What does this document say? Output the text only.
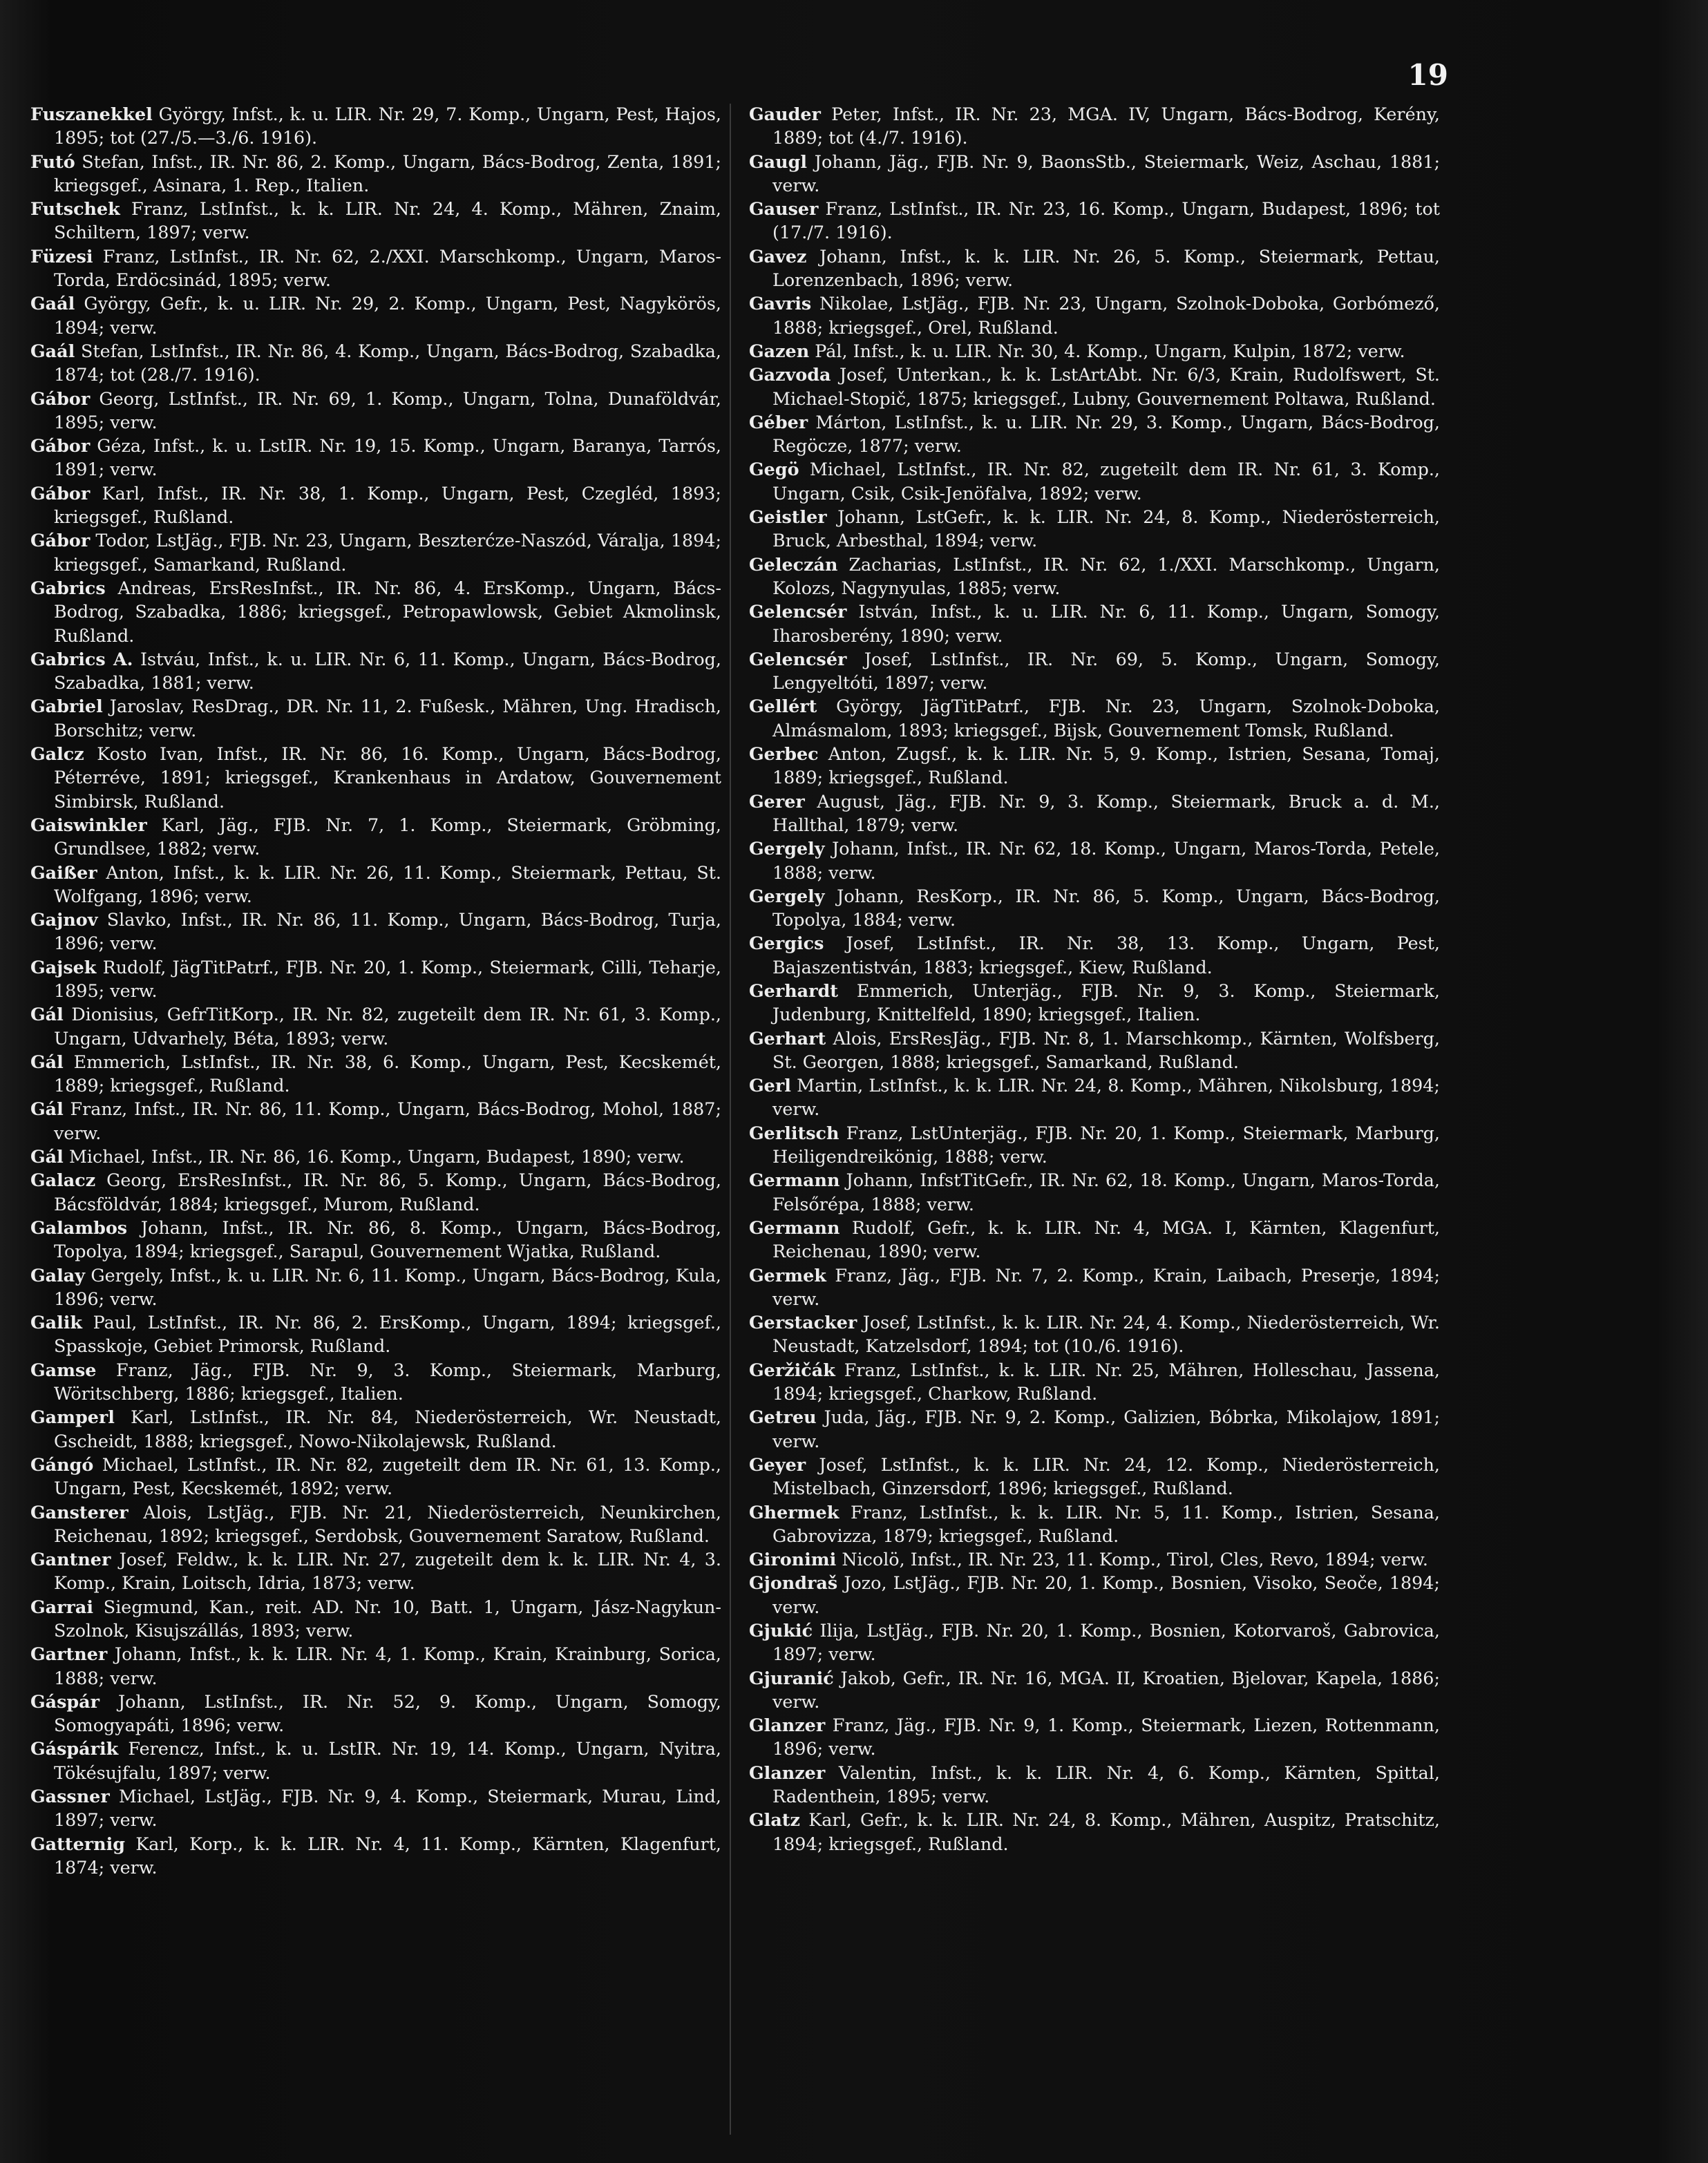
19

Fuszanekkel György, Infst., k. u. LIR. Nr. 29, 7. Komp., Ungarn, Pest, Hajos, 1895; tot (27./5.—3./6. 1916).

Futó Stefan, Infst., IR. Nr. 86, 2. Komp., Ungarn, Bács-Bodrog, Zenta, 1891; kriegsgef., Asinara, 1. Rep., Italien.

Futschek Franz, LstInfst., k. k. LIR. Nr. 24, 4. Komp., Mähren, Znaim, Schiltern, 1897; verw.

Füzesi Franz, LstInfst., IR. Nr. 62, 2./XXI. Marschkomp., Ungarn, Maros-Torda, Erdöcsinád, 1895; verw.

Gaál György, Gefr., k. u. LIR. Nr. 29, 2. Komp., Ungarn, Pest, Nagykörös, 1894; verw.

Gaál Stefan, LstInfst., IR. Nr. 86, 4. Komp., Ungarn, Bács-Bodrog, Szabadka, 1874; tot (28./7. 1916).

Gábor Georg, LstInfst., IR. Nr. 69, 1. Komp., Ungarn, Tolna, Dunaföldvár, 1895; verw.

Gábor Géza, Infst., k. u. LstIR. Nr. 19, 15. Komp., Ungarn, Baranya, Tarrós, 1891; verw.

Gábor Karl, Infst., IR. Nr. 38, 1. Komp., Ungarn, Pest, Czegléd, 1893; kriegsgef., Rußland.

Gábor Todor, LstJäg., FJB. Nr. 23, Ungarn, Beszterćze-Naszód, Váralja, 1894; kriegsgef., Samarkand, Rußland.

Gabrics Andreas, ErsResInfst., IR. Nr. 86, 4. ErsKomp., Ungarn, Bács-Bodrog, Szabadka, 1886; kriegsgef., Petropawlowsk, Gebiet Akmolinsk, Rußland.

Gabrics A. Istváu, Infst., k. u. LIR. Nr. 6, 11. Komp., Ungarn, Bács-Bodrog, Szabadka, 1881; verw.

Gabriel Jaroslav, ResDrag., DR. Nr. 11, 2. Fußesk., Mähren, Ung. Hradisch, Borschitz; verw.

Galcz Kosto Ivan, Infst., IR. Nr. 86, 16. Komp., Ungarn, Bács-Bodrog, Péterréve, 1891; kriegsgef., Krankenhaus in Ardatow, Gouvernement Simbirsk, Rußland.

Gaiswinkler Karl, Jäg., FJB. Nr. 7, 1. Komp., Steiermark, Gröbming, Grundlsee, 1882; verw.

Gaißer Anton, Infst., k. k. LIR. Nr. 26, 11. Komp., Steiermark, Pettau, St. Wolfgang, 1896; verw.

Gajnov Slavko, Infst., IR. Nr. 86, 11. Komp., Ungarn, Bács-Bodrog, Turja, 1896; verw.

Gajsek Rudolf, JägTitPatrf., FJB. Nr. 20, 1. Komp., Steiermark, Cilli, Teharje, 1895; verw.

Gál Dionisius, GefrTitKorp., IR. Nr. 82, zugeteilt dem IR. Nr. 61, 3. Komp., Ungarn, Udvarhely, Béta, 1893; verw.

Gál Emmerich, LstInfst., IR. Nr. 38, 6. Komp., Ungarn, Pest, Kecskemét, 1889; kriegsgef., Rußland.

Gál Franz, Infst., IR. Nr. 86, 11. Komp., Ungarn, Bács-Bodrog, Mohol, 1887; verw.

Gál Michael, Infst., IR. Nr. 86, 16. Komp., Ungarn, Budapest, 1890; verw.

Galacz Georg, ErsResInfst., IR. Nr. 86, 5. Komp., Ungarn, Bács-Bodrog, Bácsföldvár, 1884; kriegsgef., Murom, Rußland.

Galambos Johann, Infst., IR. Nr. 86, 8. Komp., Ungarn, Bács-Bodrog, Topolya, 1894; kriegsgef., Sarapul, Gouvernement Wjatka, Rußland.

Galay Gergely, Infst., k. u. LIR. Nr. 6, 11. Komp., Ungarn, Bács-Bodrog, Kula, 1896; verw.

Galik Paul, LstInfst., IR. Nr. 86, 2. ErsKomp., Ungarn, 1894; kriegsgef., Spasskoje, Gebiet Primorsk, Rußland.

Gamse Franz, Jäg., FJB. Nr. 9, 3. Komp., Steiermark, Marburg, Wöritschberg, 1886; kriegsgef., Italien.

Gamperl Karl, LstInfst., IR. Nr. 84, Niederösterreich, Wr. Neustadt, Gscheidt, 1888; kriegsgef., Nowo-Nikolajewsk, Rußland.

Gángó Michael, LstInfst., IR. Nr. 82, zugeteilt dem IR. Nr. 61, 13. Komp., Ungarn, Pest, Kecskemét, 1892; verw.

Gansterer Alois, LstJäg., FJB. Nr. 21, Niederösterreich, Neunkirchen, Reichenau, 1892; kriegsgef., Serdobsk, Gouvernement Saratow, Rußland.

Gantner Josef, Feldw., k. k. LIR. Nr. 27, zugeteilt dem k. k. LIR. Nr. 4, 3. Komp., Krain, Loitsch, Idria, 1873; verw.

Garrai Siegmund, Kan., reit. AD. Nr. 10, Batt. 1, Ungarn, Jász-Nagykun-Szolnok, Kisujszállás, 1893; verw.

Gartner Johann, Infst., k. k. LIR. Nr. 4, 1. Komp., Krain, Krainburg, Sorica, 1888; verw.

Gáspár Johann, LstInfst., IR. Nr. 52, 9. Komp., Ungarn, Somogy, Somogyapáti, 1896; verw.

Gáspárik Ferencz, Infst., k. u. LstIR. Nr. 19, 14. Komp., Ungarn, Nyitra, Tökésujfalu, 1897; verw.

Gassner Michael, LstJäg., FJB. Nr. 9, 4. Komp., Steiermark, Murau, Lind, 1897; verw.

Gatternig Karl, Korp., k. k. LIR. Nr. 4, 11. Komp., Kärnten, Klagenfurt, 1874; verw.

Gauder Peter, Infst., IR. Nr. 23, MGA. IV, Ungarn, Bács-Bodrog, Kerény, 1889; tot (4./7. 1916).

Gaugl Johann, Jäg., FJB. Nr. 9, BaonsStb., Steiermark, Weiz, Aschau, 1881; verw.

Gauser Franz, LstInfst., IR. Nr. 23, 16. Komp., Ungarn, Budapest, 1896; tot (17./7. 1916).

Gavez Johann, Infst., k. k. LIR. Nr. 26, 5. Komp., Steiermark, Pettau, Lorenzenbach, 1896; verw.

Gavris Nikolae, LstJäg., FJB. Nr. 23, Ungarn, Szolnok-Doboka, Gorbómező, 1888; kriegsgef., Orel, Rußland.

Gazen Pál, Infst., k. u. LIR. Nr. 30, 4. Komp., Ungarn, Kulpin, 1872; verw.

Gazvoda Josef, Unterkan., k. k. LstArtAbt. Nr. 6/3, Krain, Rudolfswert, St. Michael-Stopič, 1875; kriegsgef., Lubny, Gouvernement Poltawa, Rußland.

Géber Márton, LstInfst., k. u. LIR. Nr. 29, 3. Komp., Ungarn, Bács-Bodrog, Regöcze, 1877; verw.

Gegö Michael, LstInfst., IR. Nr. 82, zugeteilt dem IR. Nr. 61, 3. Komp., Ungarn, Csik, Csik-Jenöfalva, 1892; verw.

Geistler Johann, LstGefr., k. k. LIR. Nr. 24, 8. Komp., Niederösterreich, Bruck, Arbesthal, 1894; verw.

Geleczán Zacharias, LstInfst., IR. Nr. 62, 1./XXI. Marschkomp., Ungarn, Kolozs, Nagynyulas, 1885; verw.

Gelencsér István, Infst., k. u. LIR. Nr. 6, 11. Komp., Ungarn, Somogy, Iharosberény, 1890; verw.

Gelencsér Josef, LstInfst., IR. Nr. 69, 5. Komp., Ungarn, Somogy, Lengyeltóti, 1897; verw.

Gellért György, JägTitPatrf., FJB. Nr. 23, Ungarn, Szolnok-Doboka, Almásmalom, 1893; kriegsgef., Bijsk, Gouvernement Tomsk, Rußland.

Gerbec Anton, Zugsf., k. k. LIR. Nr. 5, 9. Komp., Istrien, Sesana, Tomaj, 1889; kriegsgef., Rußland.

Gerer August, Jäg., FJB. Nr. 9, 3. Komp., Steiermark, Bruck a. d. M., Hallthal, 1879; verw.

Gergely Johann, Infst., IR. Nr. 62, 18. Komp., Ungarn, Maros-Torda, Petele, 1888; verw.

Gergely Johann, ResKorp., IR. Nr. 86, 5. Komp., Ungarn, Bács-Bodrog, Topolya, 1884; verw.

Gergics Josef, LstInfst., IR. Nr. 38, 13. Komp., Ungarn, Pest, Bajaszentistván, 1883; kriegsgef., Kiew, Rußland.

Gerhardt Emmerich, Unterjäg., FJB. Nr. 9, 3. Komp., Steiermark, Judenburg, Knittelfeld, 1890; kriegsgef., Italien.

Gerhart Alois, ErsResJäg., FJB. Nr. 8, 1. Marschkomp., Kärnten, Wolfsberg, St. Georgen, 1888; kriegsgef., Samarkand, Rußland.

Gerl Martin, LstInfst., k. k. LIR. Nr. 24, 8. Komp., Mähren, Nikolsburg, 1894; verw.

Gerlitsch Franz, LstUnterjäg., FJB. Nr. 20, 1. Komp., Steiermark, Marburg, Heiligendreikönig, 1888; verw.

Germann Johann, InfstTitGefr., IR. Nr. 62, 18. Komp., Ungarn, Maros-Torda, Felsőrépa, 1888; verw.

Germann Rudolf, Gefr., k. k. LIR. Nr. 4, MGA. I, Kärnten, Klagenfurt, Reichenau, 1890; verw.

Germek Franz, Jäg., FJB. Nr. 7, 2. Komp., Krain, Laibach, Preserje, 1894; verw.

Gerstacker Josef, LstInfst., k. k. LIR. Nr. 24, 4. Komp., Niederösterreich, Wr. Neustadt, Katzelsdorf, 1894; tot (10./6. 1916).

Geržičák Franz, LstInfst., k. k. LIR. Nr. 25, Mähren, Holleschau, Jassena, 1894; kriegsgef., Charkow, Rußland.

Getreu Juda, Jäg., FJB. Nr. 9, 2. Komp., Galizien, Bóbrka, Mikolajow, 1891; verw.

Geyer Josef, LstInfst., k. k. LIR. Nr. 24, 12. Komp., Niederösterreich, Mistelbach, Ginzersdorf, 1896; kriegsgef., Rußland.

Ghermek Franz, LstInfst., k. k. LIR. Nr. 5, 11. Komp., Istrien, Sesana, Gabrovizza, 1879; kriegsgef., Rußland.

Gironimi Nicolö, Infst., IR. Nr. 23, 11. Komp., Tirol, Cles, Revo, 1894; verw.

Gjondraš Jozo, LstJäg., FJB. Nr. 20, 1. Komp., Bosnien, Visoko, Seoče, 1894; verw.

Gjukić Ilija, LstJäg., FJB. Nr. 20, 1. Komp., Bosnien, Kotorvaroš, Gabrovica, 1897; verw.

Gjuranić Jakob, Gefr., IR. Nr. 16, MGA. II, Kroatien, Bjelovar, Kapela, 1886; verw.

Glanzer Franz, Jäg., FJB. Nr. 9, 1. Komp., Steiermark, Liezen, Rottenmann, 1896; verw.

Glanzer Valentin, Infst., k. k. LIR. Nr. 4, 6. Komp., Kärnten, Spittal, Radenthein, 1895; verw.

Glatz Karl, Gefr., k. k. LIR. Nr. 24, 8. Komp., Mähren, Auspitz, Pratschitz, 1894; kriegsgef., Rußland.
